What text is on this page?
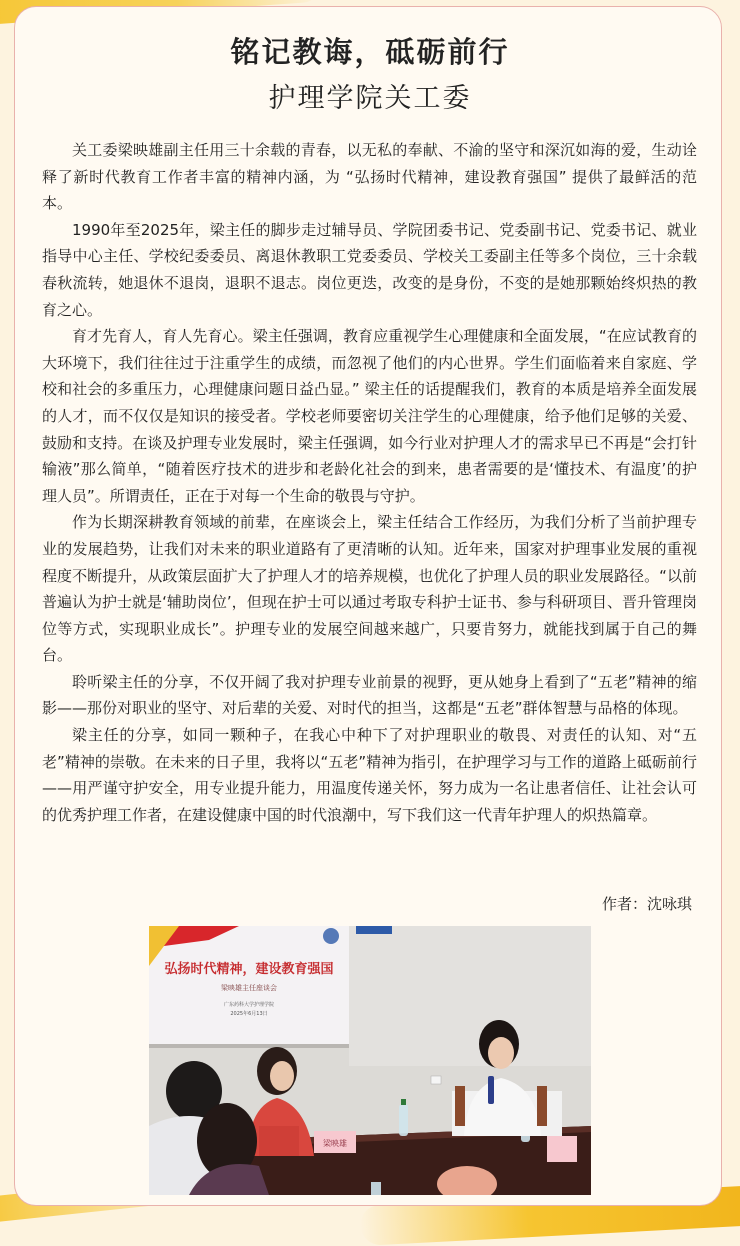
铭记教诲，砥砺前行
护理学院关工委

关工委梁映雄副主任用三十余载的青春，以无私的奉献、不渝的坚守和深沉如海的爱，生动诠释了新时代教育工作者丰富的精神内涵，为 “弘扬时代精神，建设教育强国” 提供了最鲜活的范本。

1990年至2025年，梁主任的脚步走过辅导员、学院团委书记、党委副书记、党委书记、就业指导中心主任、学校纪委委员、离退休教职工党委委员、学校关工委副主任等多个岗位，三十余载春秋流转，她退休不退岗，退职不退志。岗位更迭，改变的是身份，不变的是她那颗始终炽热的教育之心。

育才先育人，育人先育心。梁主任强调，教育应重视学生心理健康和全面发展，“在应试教育的大环境下，我们往往过于注重学生的成绩，而忽视了他们的内心世界。学生们面临着来自家庭、学校和社会的多重压力，心理健康问题日益凸显。” 梁主任的话提醒我们，教育的本质是培养全面发展的人才，而不仅仅是知识的接受者。学校老师要密切关注学生的心理健康，给予他们足够的关爱、鼓励和支持。在谈及护理专业发展时，梁主任强调，如今行业对护理人才的需求早已不再是“会打针输液”那么简单，“随着医疗技术的进步和老龄化社会的到来，患者需要的是‘懂技术、有温度’的护理人员”。所谓责任，正在于对每一个生命的敬畏与守护。

作为长期深耕教育领域的前辈，在座谈会上，梁主任结合工作经历，为我们分析了当前护理专业的发展趋势，让我们对未来的职业道路有了更清晰的认知。近年来，国家对护理事业发展的重视程度不断提升，从政策层面扩大了护理人才的培养规模，也优化了护理人员的职业发展路径。“以前普遍认为护士就是‘辅助岗位’，但现在护士可以通过考取专科护士证书、参与科研项目、晋升管理岗位等方式，实现职业成长”。护理专业的发展空间越来越广，只要肯努力，就能找到属于自己的舞台。

聆听梁主任的分享，不仅开阔了我对护理专业前景的视野，更从她身上看到了“五老”精神的缩影——那份对职业的坚守、对后辈的关爱、对时代的担当，这都是“五老”群体智慧与品格的体现。

梁主任的分享，如同一颗种子，在我心中种下了对护理职业的敬畏、对责任的认知、对“五老”精神的崇敬。在未来的日子里，我将以“五老”精神为指引，在护理学习与工作的道路上砥砺前行——用严谨守护安全，用专业提升能力，用温度传递关怀，努力成为一名让患者信任、让社会认可的优秀护理工作者，在建设健康中国的时代浪潮中，写下我们这一代青年护理人的炽热篇章。

作者：沈咏琪
弘扬时代精神，建设教育强国
梁映雄主任座谈会
广东药科大学护理学院
2025年6月13日
梁映雄
